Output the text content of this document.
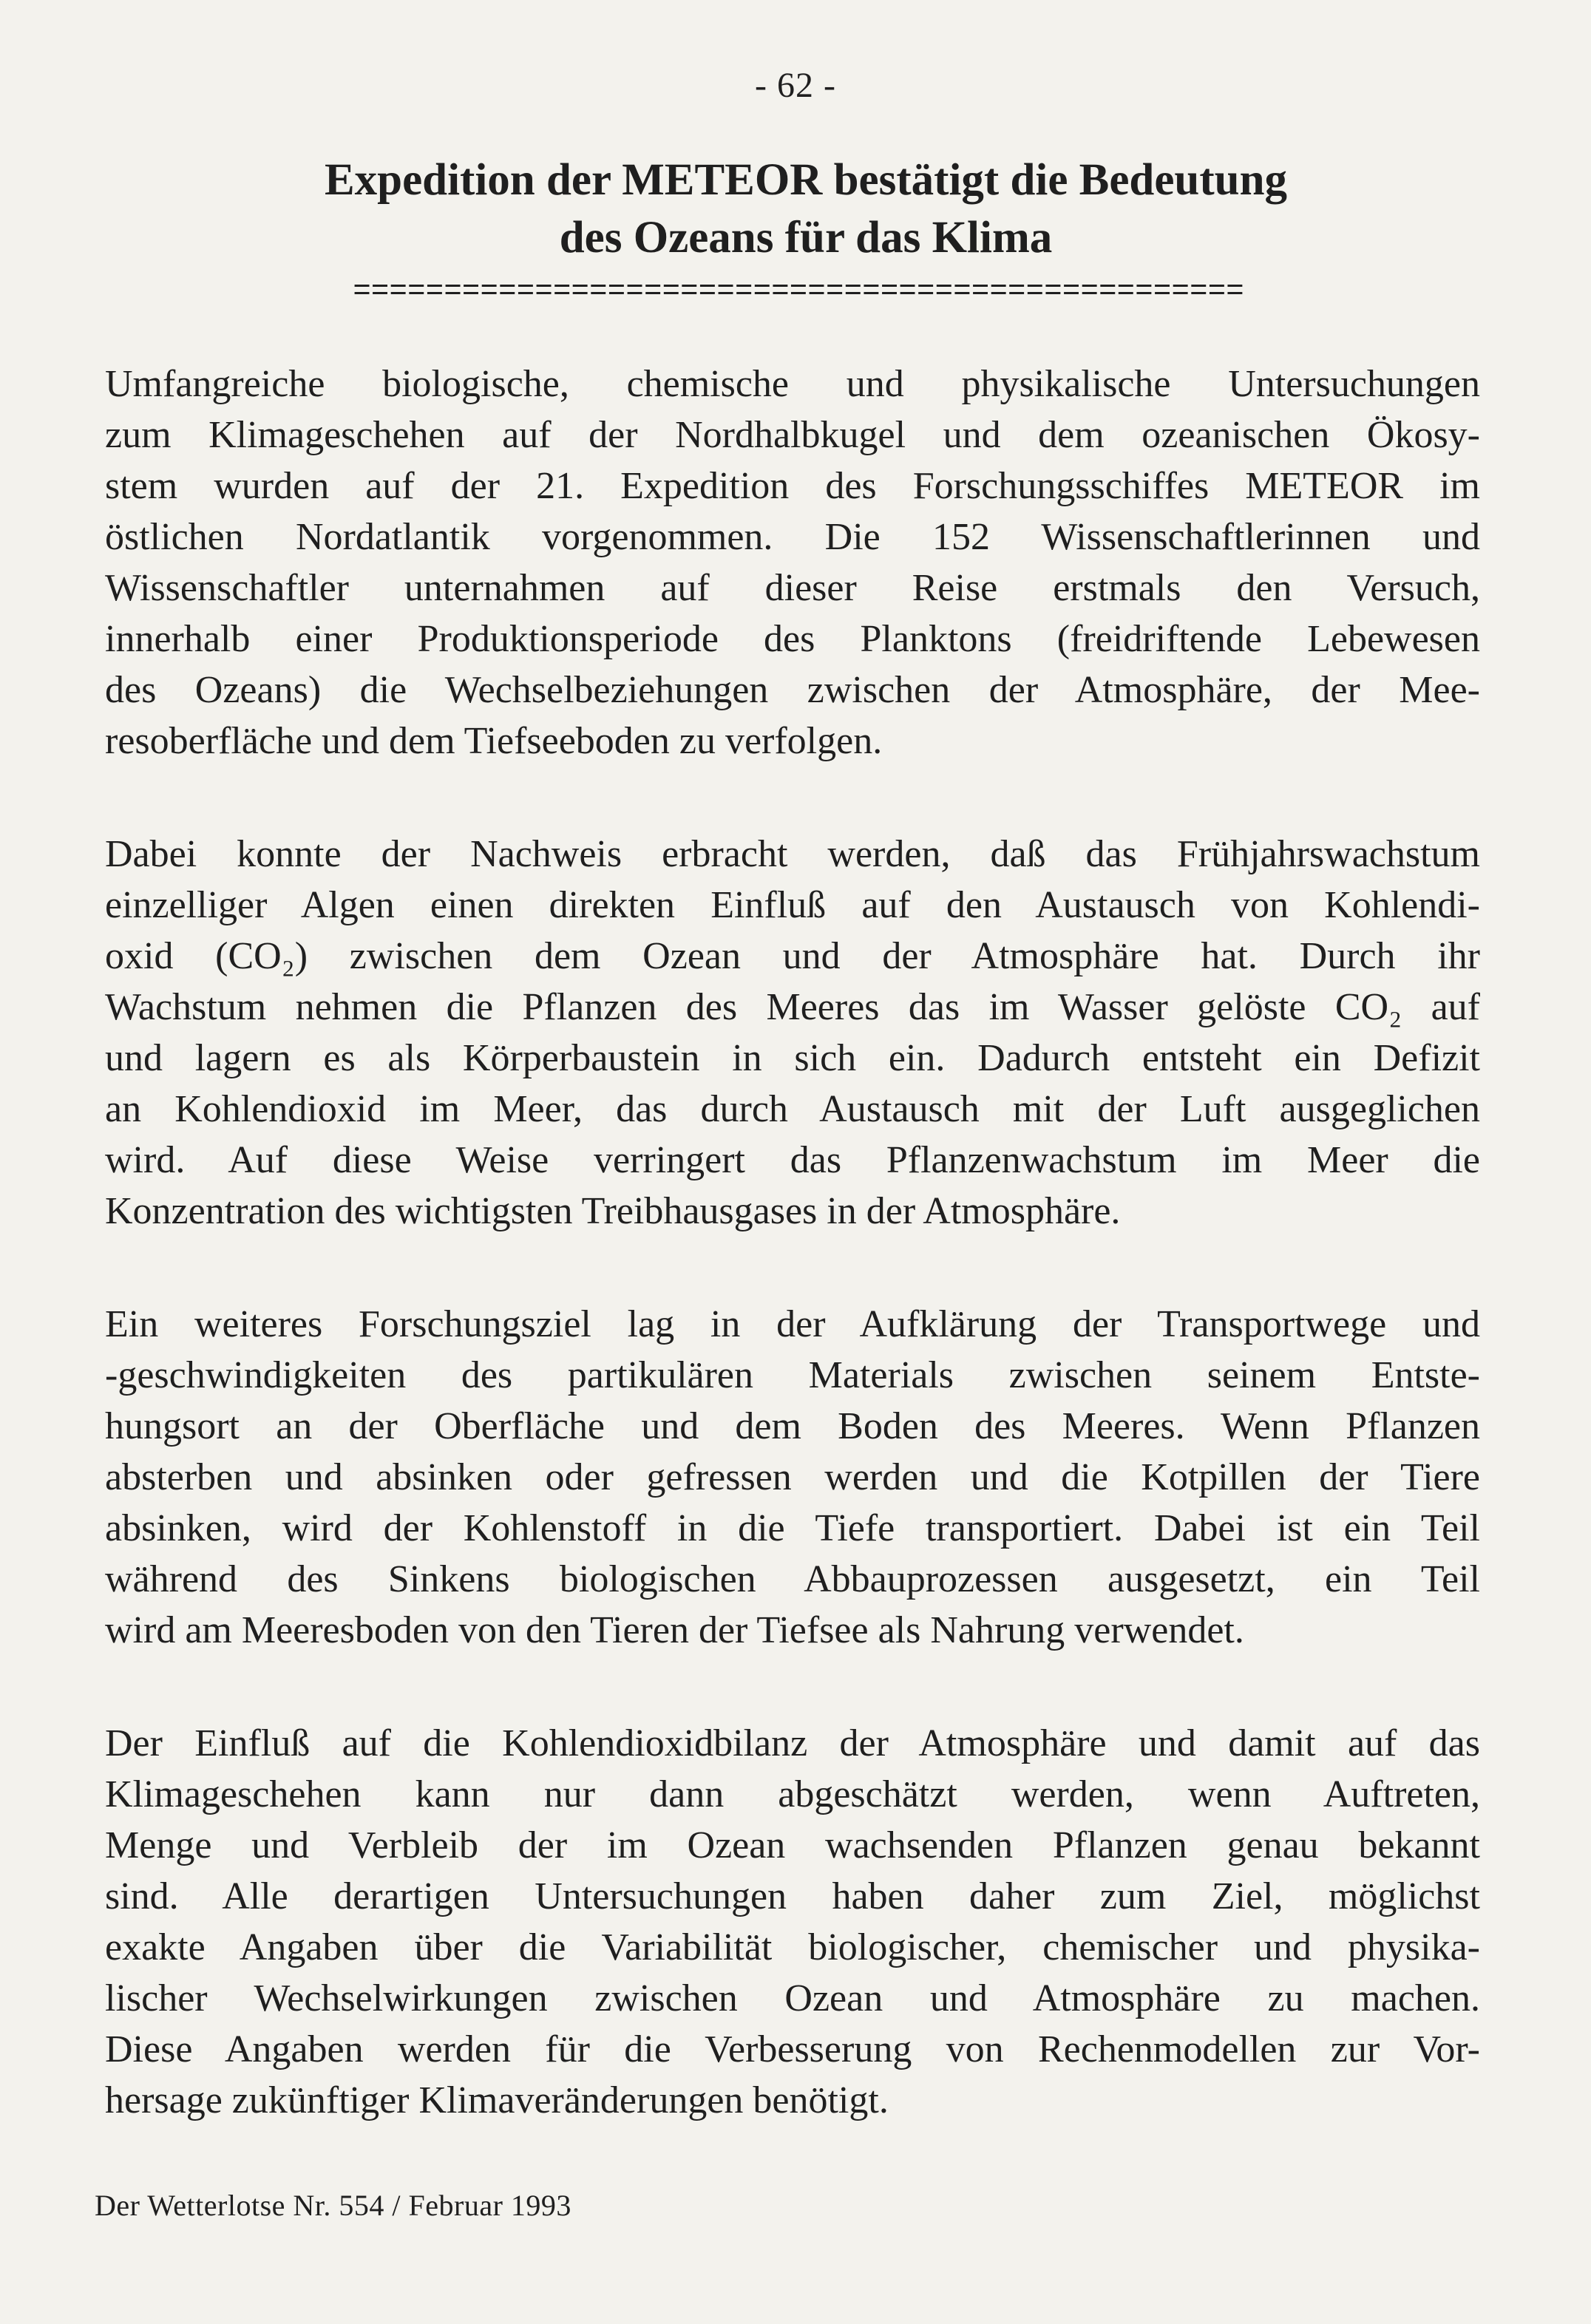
- 62 -
Expedition der METEOR bestätigt die Bedeutung
des Ozeans für das Klima
=================================================

Umfangreiche biologische, chemische und physikalische Untersuchungen
zum Klimageschehen auf der Nordhalbkugel und dem ozeanischen Ökosy-
stem wurden auf der 21. Expedition des Forschungsschiffes METEOR im
östlichen Nordatlantik vorgenommen. Die 152 Wissenschaftlerinnen und
Wissenschaftler unternahmen auf dieser Reise erstmals den Versuch,
innerhalb einer Produktionsperiode des Planktons (freidriftende Lebewesen
des Ozeans) die Wechselbeziehungen zwischen der Atmosphäre, der Mee-
resoberfläche und dem Tiefseeboden zu verfolgen.

Dabei konnte der Nachweis erbracht werden, daß das Frühjahrswachstum
einzelliger Algen einen direkten Einfluß auf den Austausch von Kohlendi-
oxid (CO₂) zwischen dem Ozean und der Atmosphäre hat. Durch ihr
Wachstum nehmen die Pflanzen des Meeres das im Wasser gelöste CO₂ auf
und lagern es als Körperbaustein in sich ein. Dadurch entsteht ein Defizit
an Kohlendioxid im Meer, das durch Austausch mit der Luft ausgeglichen
wird. Auf diese Weise verringert das Pflanzenwachstum im Meer die
Konzentration des wichtigsten Treibhausgases in der Atmosphäre.

Ein weiteres Forschungsziel lag in der Aufklärung der Transportwege und
-geschwindigkeiten des partikulären Materials zwischen seinem Entste-
hungsort an der Oberfläche und dem Boden des Meeres. Wenn Pflanzen
absterben und absinken oder gefressen werden und die Kotpillen der Tiere
absinken, wird der Kohlenstoff in die Tiefe transportiert. Dabei ist ein Teil
während des Sinkens biologischen Abbauprozessen ausgesetzt, ein Teil
wird am Meeresboden von den Tieren der Tiefsee als Nahrung verwendet.

Der Einfluß auf die Kohlendioxidbilanz der Atmosphäre und damit auf das
Klimageschehen kann nur dann abgeschätzt werden, wenn Auftreten,
Menge und Verbleib der im Ozean wachsenden Pflanzen genau bekannt
sind. Alle derartigen Untersuchungen haben daher zum Ziel, möglichst
exakte Angaben über die Variabilität biologischer, chemischer und physika-
lischer Wechselwirkungen zwischen Ozean und Atmosphäre zu machen.
Diese Angaben werden für die Verbesserung von Rechenmodellen zur Vor-
hersage zukünftiger Klimaveränderungen benötigt.

Der Wetterlotse Nr. 554 / Februar 1993
